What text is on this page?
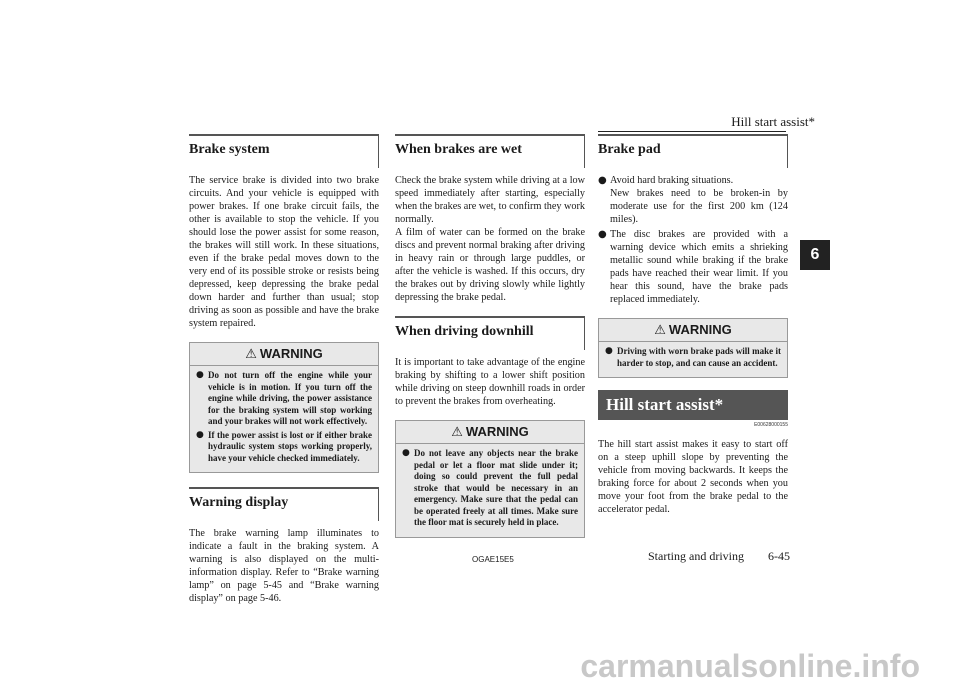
Hill start assist*
6
Brake system

The service brake is divided into two brake circuits. And your vehicle is equipped with power brakes. If one brake circuit fails, the other is available to stop the vehicle. If you should lose the power assist for some reason, the brakes will still work. In these situations, even if the brake pedal moves down to the very end of its possible stroke or resists being depressed, keep depressing the brake pedal down harder and further than usual; stop driving as soon as possible and have the brake system repaired.

⚠ WARNING
● Do not turn off the engine while your vehicle is in motion. If you turn off the engine while driving, the power assistance for the braking system will stop working and your brakes will not work effectively.
● If the power assist is lost or if either brake hydraulic system stops working properly, have your vehicle checked immediately.
Warning display

The brake warning lamp illuminates to indicate a fault in the braking system. A warning is also displayed on the multi-information display. Refer to “Brake warning lamp” on page 5-45 and “Brake warning display” on page 5-46.

When brakes are wet

Check the brake system while driving at a low speed immediately after starting, especially when the brakes are wet, to confirm they work normally.

A film of water can be formed on the brake discs and prevent normal braking after driving in heavy rain or through large puddles, or after the vehicle is washed. If this occurs, dry the brakes out by driving slowly while lightly depressing the brake pedal.

When driving downhill

It is important to take advantage of the engine braking by shifting to a lower shift position while driving on steep downhill roads in order to prevent the brakes from overheating.

⚠ WARNING
● Do not leave any objects near the brake pedal or let a floor mat slide under it; doing so could prevent the full pedal stroke that would be necessary in an emergency. Make sure that the pedal can be operated freely at all times. Make sure the floor mat is securely held in place.
Brake pad
● Avoid hard braking situations.
New brakes need to be broken-in by moderate use for the first 200 km (124 miles).
● The disc brakes are provided with a warning device which emits a shrieking metallic sound while braking if the brake pads have reached their wear limit. If you hear this sound, have the brake pads replaced immediately.
⚠ WARNING
● Driving with worn brake pads will make it harder to stop, and can cause an accident.
Hill start assist*
E00628000155

The hill start assist makes it easy to start off on a steep uphill slope by preventing the vehicle from moving backwards. It keeps the braking force for about 2 seconds when you move your foot from the brake pedal to the accelerator pedal.

OGAE15E5	Starting and driving 6-45
carmanualsonline.info
